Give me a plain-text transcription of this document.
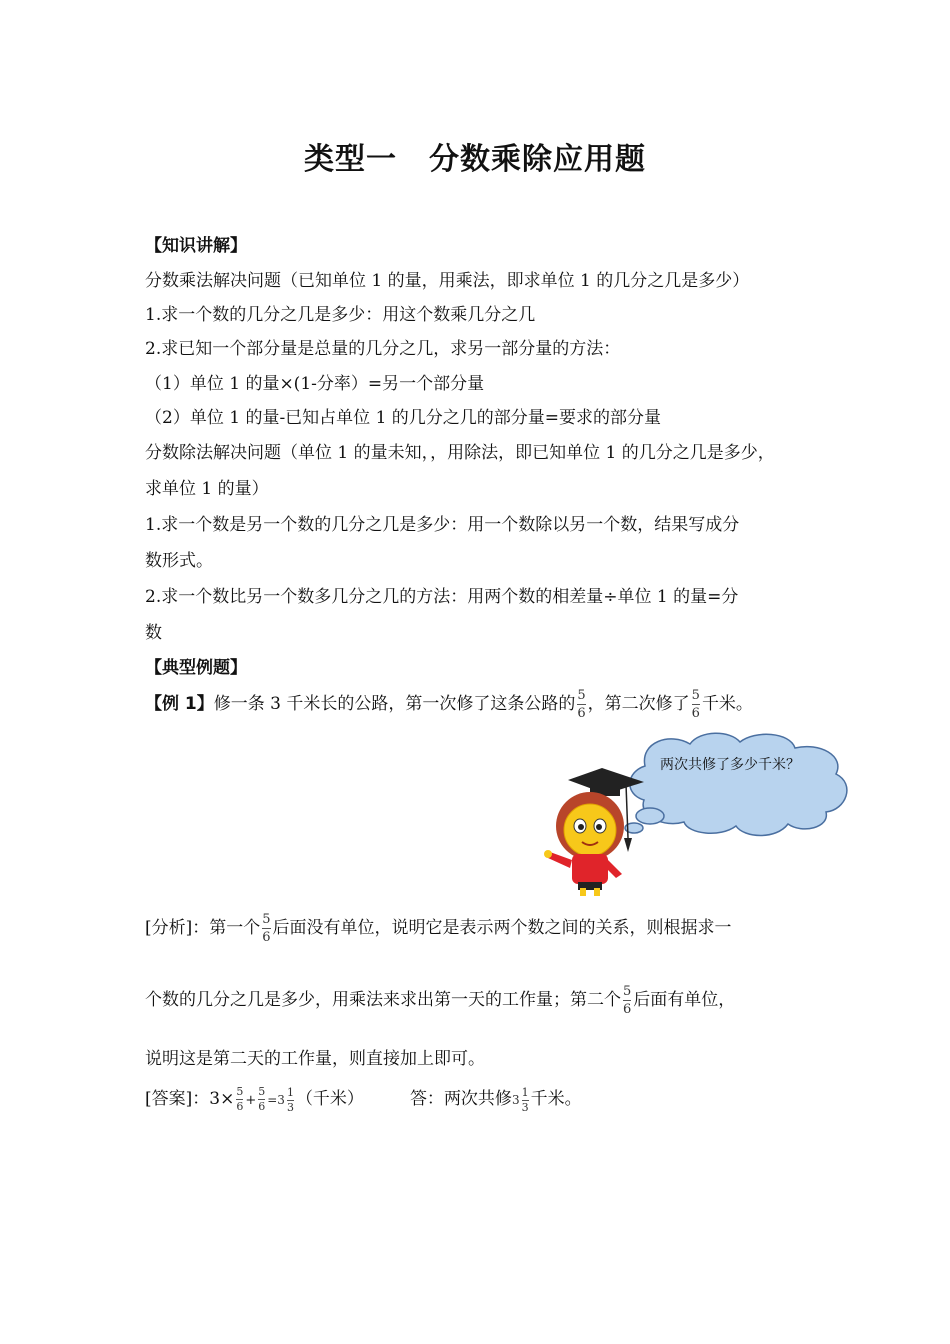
类型一 分数乘除应用题
【知识讲解】
分数乘法解决问题（已知单位 1 的量，用乘法，即求单位 1 的几分之几是多少）
1.求一个数的几分之几是多少：用这个数乘几分之几
2.求已知一个部分量是总量的几分之几，求另一部分量的方法：
（1）单位 1 的量×(1-分率）=另一个部分量
（2）单位 1 的量-已知占单位 1 的几分之几的部分量=要求的部分量
分数除法解决问题（单位 1 的量未知，，用除法，即已知单位 1 的几分之几是多少，
求单位 1 的量）
1.求一个数是另一个数的几分之几是多少：用一个数除以另一个数，结果写成分
数形式。
2.求一个数比另一个数多几分之几的方法：用两个数的相差量÷单位 1 的量=分
数
【典型例题】
【例 1】修一条 3 千米长的公路，第一次修了这条公路的 $\frac{5}{6}$ ，第二次修了 $\frac{5}{6}$ 千米。
两次共修了多少千米？
[分析]：第一个 $\frac{5}{6}$ 后面没有单位，说明它是表示两个数之间的关系，则根据求一
个数的几分之几是多少，用乘法来求出第一天的工作量；第二个 $\frac{5}{6}$ 后面有单位，
说明这是第二天的工作量，则直接加上即可。
[答案]：$3\times \frac{5}{6} + \frac{5}{6} =3 \frac{1}{3}$ （千米）	答：两次共修 $3 \frac{1}{3}$ 千米。
